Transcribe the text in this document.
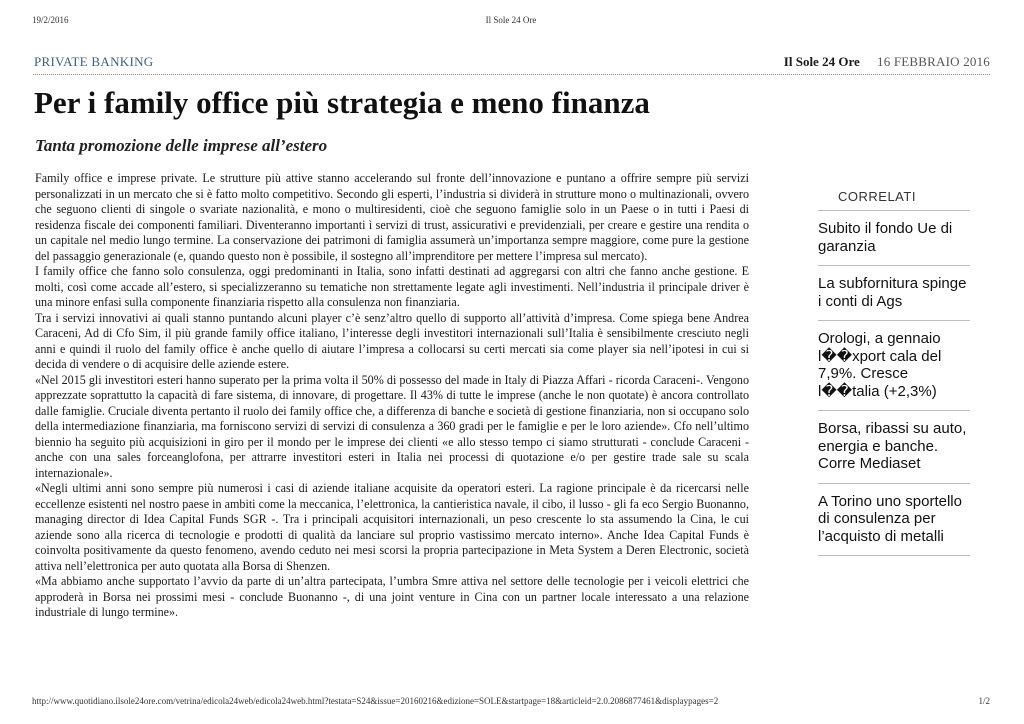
19/2/2016	Il Sole 24 Ore
PRIVATE BANKING	Il Sole 24 Ore 16 FEBBRAIO 2016
Per i family office più strategia e meno finanza
Tanta promozione delle imprese all’estero

Family office e imprese private. Le strutture più attive stanno accelerando sul fronte dell’innovazione e puntano a offrire sempre più servizi personalizzati in un mercato che si è fatto molto competitivo. Secondo gli esperti, l’industria si dividerà in strutture mono o multinazionali, ovvero che seguono clienti di singole o svariate nazionalità, e mono o multiresidenti, cioè che seguono famiglie solo in un Paese o in tutti i Paesi di residenza fiscale dei componenti familiari. Diventeranno importanti ì servizi di trust, assicurativi e previdenziali, per creare e gestire una rendita o un capitale nel medio lungo termine. La conservazione dei patrimoni di famiglia assumerà un’importanza sempre maggiore, come pure la gestione del passaggio generazionale (e, quando questo non è possibile, il sostegno all’imprenditore per mettere l’impresa sul mercato).

I family office che fanno solo consulenza, oggi predominanti in Italia, sono infatti destinati ad aggregarsi con altri che fanno anche gestione. E molti, così come accade all’estero, si specializzeranno su tematiche non strettamente legate agli investimenti. Nell’industria il principale driver è una minore enfasi sulla componente finanziaria rispetto alla consulenza non finanziaria.

Tra i servizi innovativi ai quali stanno puntando alcuni player c’è senz’altro quello di supporto all’attività d’impresa. Come spiega bene Andrea Caraceni, Ad di Cfo Sim, il più grande family office italiano, l’interesse degli investitori internazionali sull’Italia è sensibilmente cresciuto negli anni e quindi il ruolo del family office è anche quello di aiutare l’impresa a collocarsi su certi mercati sia come player sia nell’ipotesi in cui si decida di vendere o di acquisire delle aziende estere.

«Nel 2015 gli investitori esteri hanno superato per la prima volta il 50% di possesso del made in Italy di Piazza Affari - ricorda Caraceni-. Vengono apprezzate soprattutto la capacità di fare sistema, di innovare, di progettare. Il 43% di tutte le imprese (anche le non quotate) è ancora controllato dalle famiglie. Cruciale diventa pertanto il ruolo dei family office che, a differenza di banche e società di gestione finanziaria, non si occupano solo della intermediazione finanziaria, ma forniscono servizi di servizi di consulenza a 360 gradi per le famiglie e per le loro aziende». Cfo nell’ultimo biennio ha seguito più acquisizioni in giro per il mondo per le imprese dei clienti «e allo stesso tempo ci siamo strutturati - conclude Caraceni - anche con una sales forceanglofona, per attrarre investitori esteri in Italia nei processi di quotazione e/o per gestire trade sale su scala internazionale».

«Negli ultimi anni sono sempre più numerosi i casi di aziende italiane acquisite da operatori esteri. La ragione principale è da ricercarsi nelle eccellenze esistenti nel nostro paese in ambiti come la meccanica, l’elettronica, la cantieristica navale, il cibo, il lusso - gli fa eco Sergio Buonanno, managing director di Idea Capital Funds SGR -. Tra i principali acquisitori internazionali, un peso crescente lo sta assumendo la Cina, le cui aziende sono alla ricerca di tecnologie e prodotti di qualità da lanciare sul proprio vastissimo mercato interno». Anche Idea Capital Funds è coinvolta positivamente da questo fenomeno, avendo ceduto nei mesi scorsi la propria partecipazione in Meta System a Deren Electronic, società attiva nell’elettronica per auto quotata alla Borsa di Shenzen.

«Ma abbiamo anche supportato l’avvio da parte di un’altra partecipata, l’umbra Smre attiva nel settore delle tecnologie per i veicoli elettrici che approderà in Borsa nei prossimi mesi - conclude Buonanno -, di una joint venture in Cina con un partner locale interessato a una relazione industriale di lungo termine».

CORRELATI
Subito il fondo Ue di garanzia
La subfornitura spinge i conti di Ags
Orologi, a gennaio l��xport cala del 7,9%. Cresce l��talia (+2,3%)
Borsa, ribassi su auto, energia e banche. Corre Mediaset
A Torino uno sportello di consulenza per l’acquisto di metalli
http://www.quotidiano.ilsole24ore.com/vetrina/edicola24web/edicola24web.html?testata=S24&issue=20160216&edizione=SOLE&startpage=18&articleid=2.0.2086877461&displaypages=2	1/2
